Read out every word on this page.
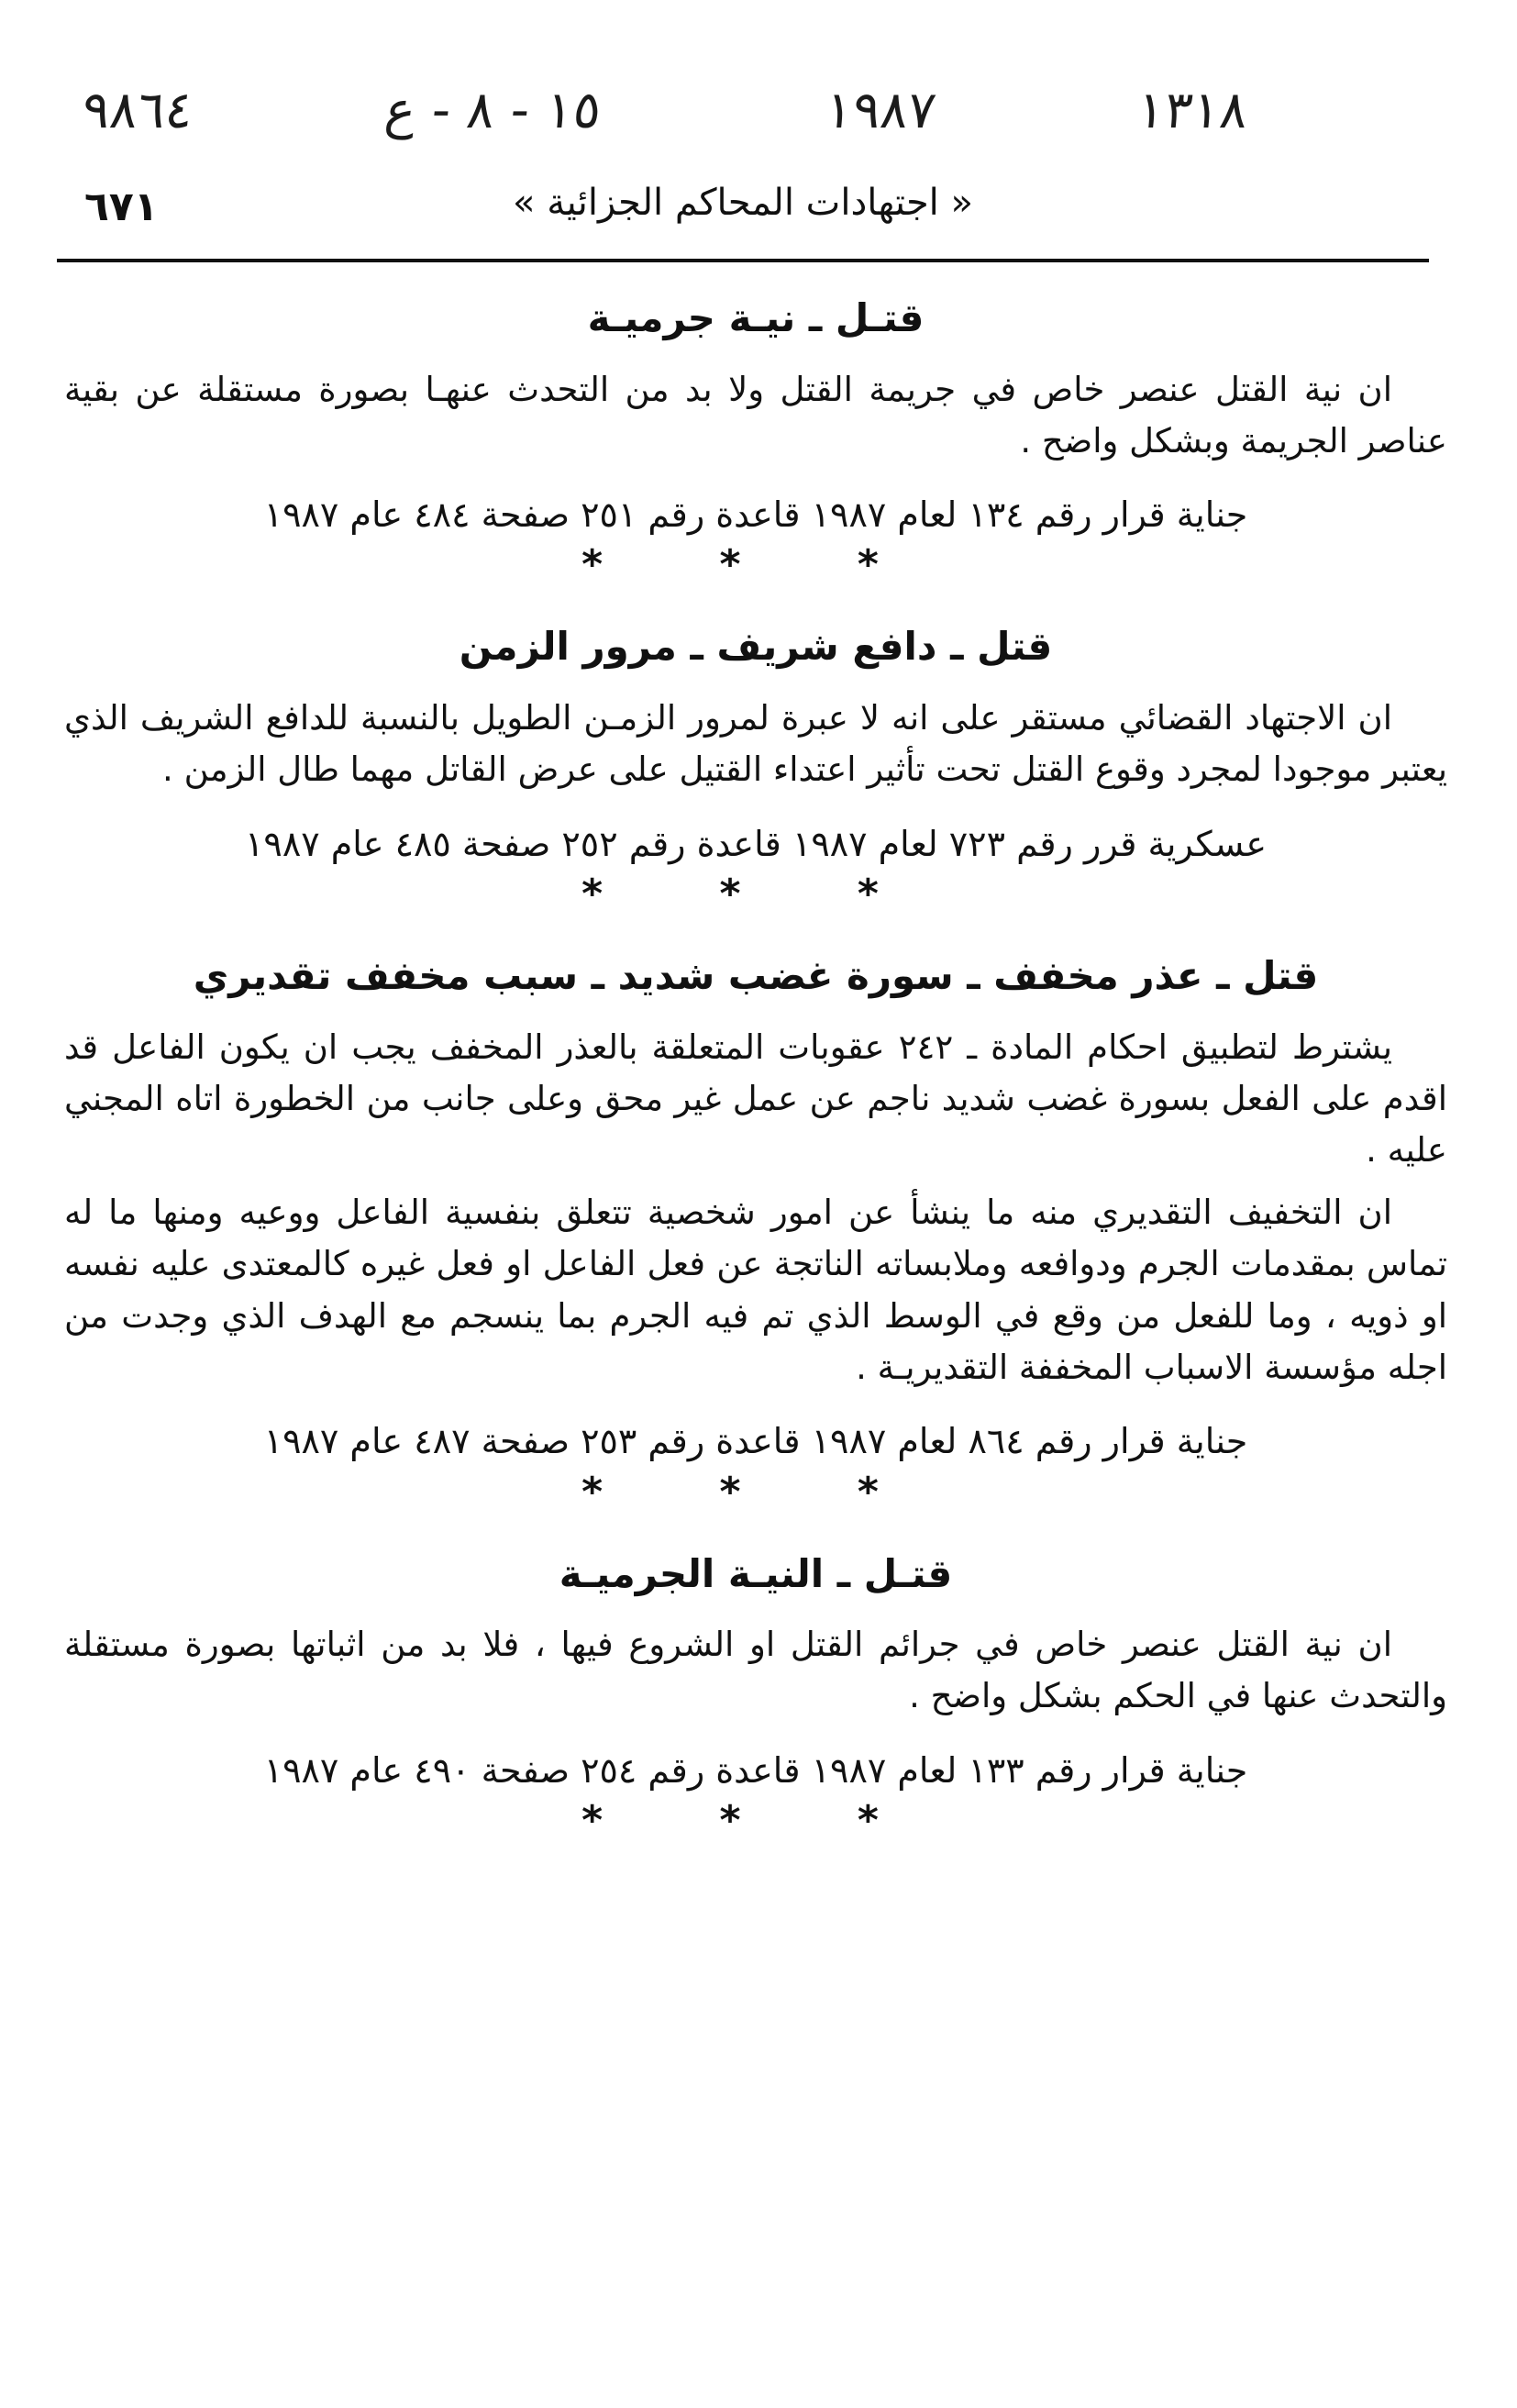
٩٨٦٤	١٥ - ٨ - ع	١٩٨٧	١٣١٨
٦٧١	« اجتهادات المحاكم الجزائية »
قتـل ـ نيـة جرميـة

ان نية القتل عنصر خاص في جريمة القتل ولا بد من التحدث عنهـا بصورة مستقلة عن بقية عناصر الجريمة وبشكل واضح .

جناية قرار رقم ١٣٤ لعام ١٩٨٧ قاعدة رقم ٢٥١ صفحة ٤٨٤ عام ١٩٨٧
* * *
قتل ـ دافع شريف ـ مرور الزمن

ان الاجتهاد القضائي مستقر على انه لا عبرة لمرور الزمـن الطويل بالنسبة للدافع الشريف الذي يعتبر موجودا لمجرد وقوع القتل تحت تأثير اعتداء القتيل على عرض القاتل مهما طال الزمن .

عسكرية قرر رقم ٧٢٣ لعام ١٩٨٧ قاعدة رقم ٢٥٢ صفحة ٤٨٥ عام ١٩٨٧
* * *
قتل ـ عذر مخفف ـ سورة غضب شديد ـ سبب مخفف تقديري

يشترط لتطبيق احكام المادة ـ ٢٤٢ عقوبات المتعلقة بالعذر المخفف يجب ان يكون الفاعل قد اقدم على الفعل بسورة غضب شديد ناجم عن عمل غير محق وعلى جانب من الخطورة اتاه المجني عليه .

ان التخفيف التقديري منه ما ينشأ عن امور شخصية تتعلق بنفسية الفاعل ووعيه ومنها ما له تماس بمقدمات الجرم ودوافعه وملابساته الناتجة عن فعل الفاعل او فعل غيره كالمعتدى عليه نفسه او ذويه ، وما للفعل من وقع في الوسط الذي تم فيه الجرم بما ينسجم مع الهدف الذي وجدت من اجله مؤسسة الاسباب المخففة التقديريـة .

جناية قرار رقم ٨٦٤ لعام ١٩٨٧ قاعدة رقم ٢٥٣ صفحة ٤٨٧ عام ١٩٨٧
* * *
قتـل ـ النيـة الجرميـة

ان نية القتل عنصر خاص في جرائم القتل او الشروع فيها ، فلا بد من اثباتها بصورة مستقلة والتحدث عنها في الحكم بشكل واضح .

جناية قرار رقم ١٣٣ لعام ١٩٨٧ قاعدة رقم ٢٥٤ صفحة ٤٩٠ عام ١٩٨٧
* * *
